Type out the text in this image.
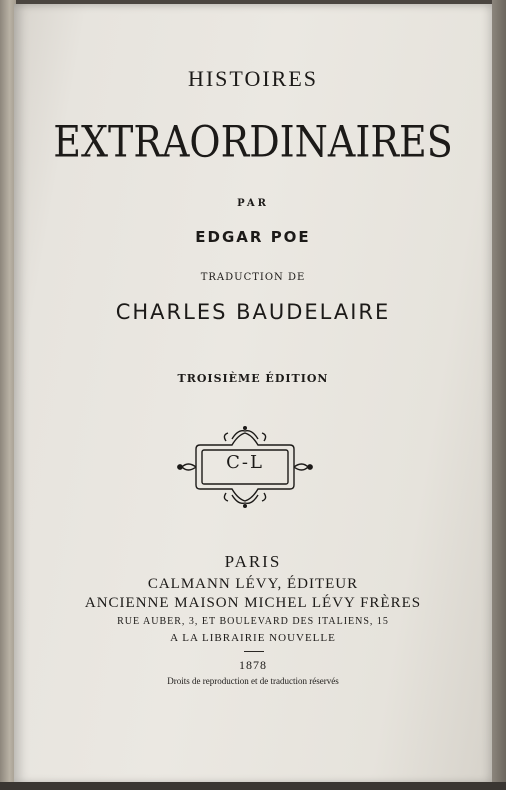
HISTOIRES
EXTRAORDINAIRES
PAR
EDGAR POE
TRADUCTION DE
CHARLES BAUDELAIRE
TROISIÈME ÉDITION
C-L
PARIS
CALMANN LÉVY, ÉDITEUR
ANCIENNE MAISON MICHEL LÉVY FRÈRES
RUE AUBER, 3, ET BOULEVARD DES ITALIENS, 15
A LA LIBRAIRIE NOUVELLE
1878
Droits de reproduction et de traduction réservés
